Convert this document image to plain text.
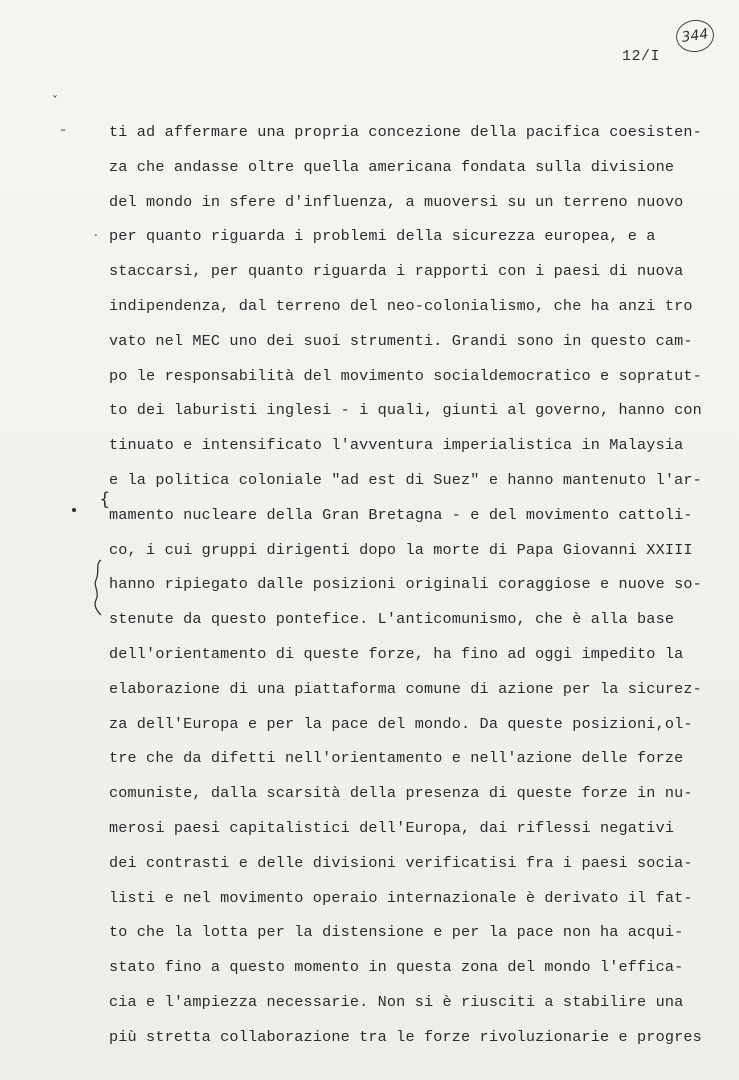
344
12/I
ˇ
˜
.
{
ti ad affermare una propria concezione della pacifica coesisten-
za che andasse oltre quella americana fondata sulla divisione
del mondo in sfere d'influenza, a muoversi su un terreno nuovo
per quanto riguarda i problemi della sicurezza europea, e a
staccarsi, per quanto riguarda i rapporti con i paesi di nuova
indipendenza, dal terreno del neo-colonialismo, che ha anzi tro
vato nel MEC uno dei suoi strumenti. Grandi sono in questo cam-
po le responsabilità del movimento socialdemocratico e sopratut-
to dei laburisti inglesi - i quali, giunti al governo, hanno con
tinuato e intensificato l'avventura imperialistica in Malaysia
e la politica coloniale "ad est di Suez" e hanno mantenuto l'ar-
mamento nucleare della Gran Bretagna - e del movimento cattoli-
co, i cui gruppi dirigenti dopo la morte di Papa Giovanni XXIII
hanno ripiegato dalle posizioni originali coraggiose e nuove so-
stenute da questo pontefice. L'anticomunismo, che è alla base
dell'orientamento di queste forze, ha fino ad oggi impedito la
elaborazione di una piattaforma comune di azione per la sicurez-
za dell'Europa e per la pace del mondo. Da queste posizioni,ol-
tre che da difetti nell'orientamento e nell'azione delle forze
comuniste, dalla scarsità della presenza di queste forze in nu-
merosi paesi capitalistici dell'Europa, dai riflessi negativi
dei contrasti e delle divisioni verificatisi fra i paesi socia-
listi e nel movimento operaio internazionale è derivato il fat-
to che la lotta per la distensione e per la pace non ha acqui-
stato fino a questo momento in questa zona del mondo l'effica-
cia e l'ampiezza necessarie. Non si è riusciti a stabilire una
più stretta collaborazione tra le forze rivoluzionarie e progres
